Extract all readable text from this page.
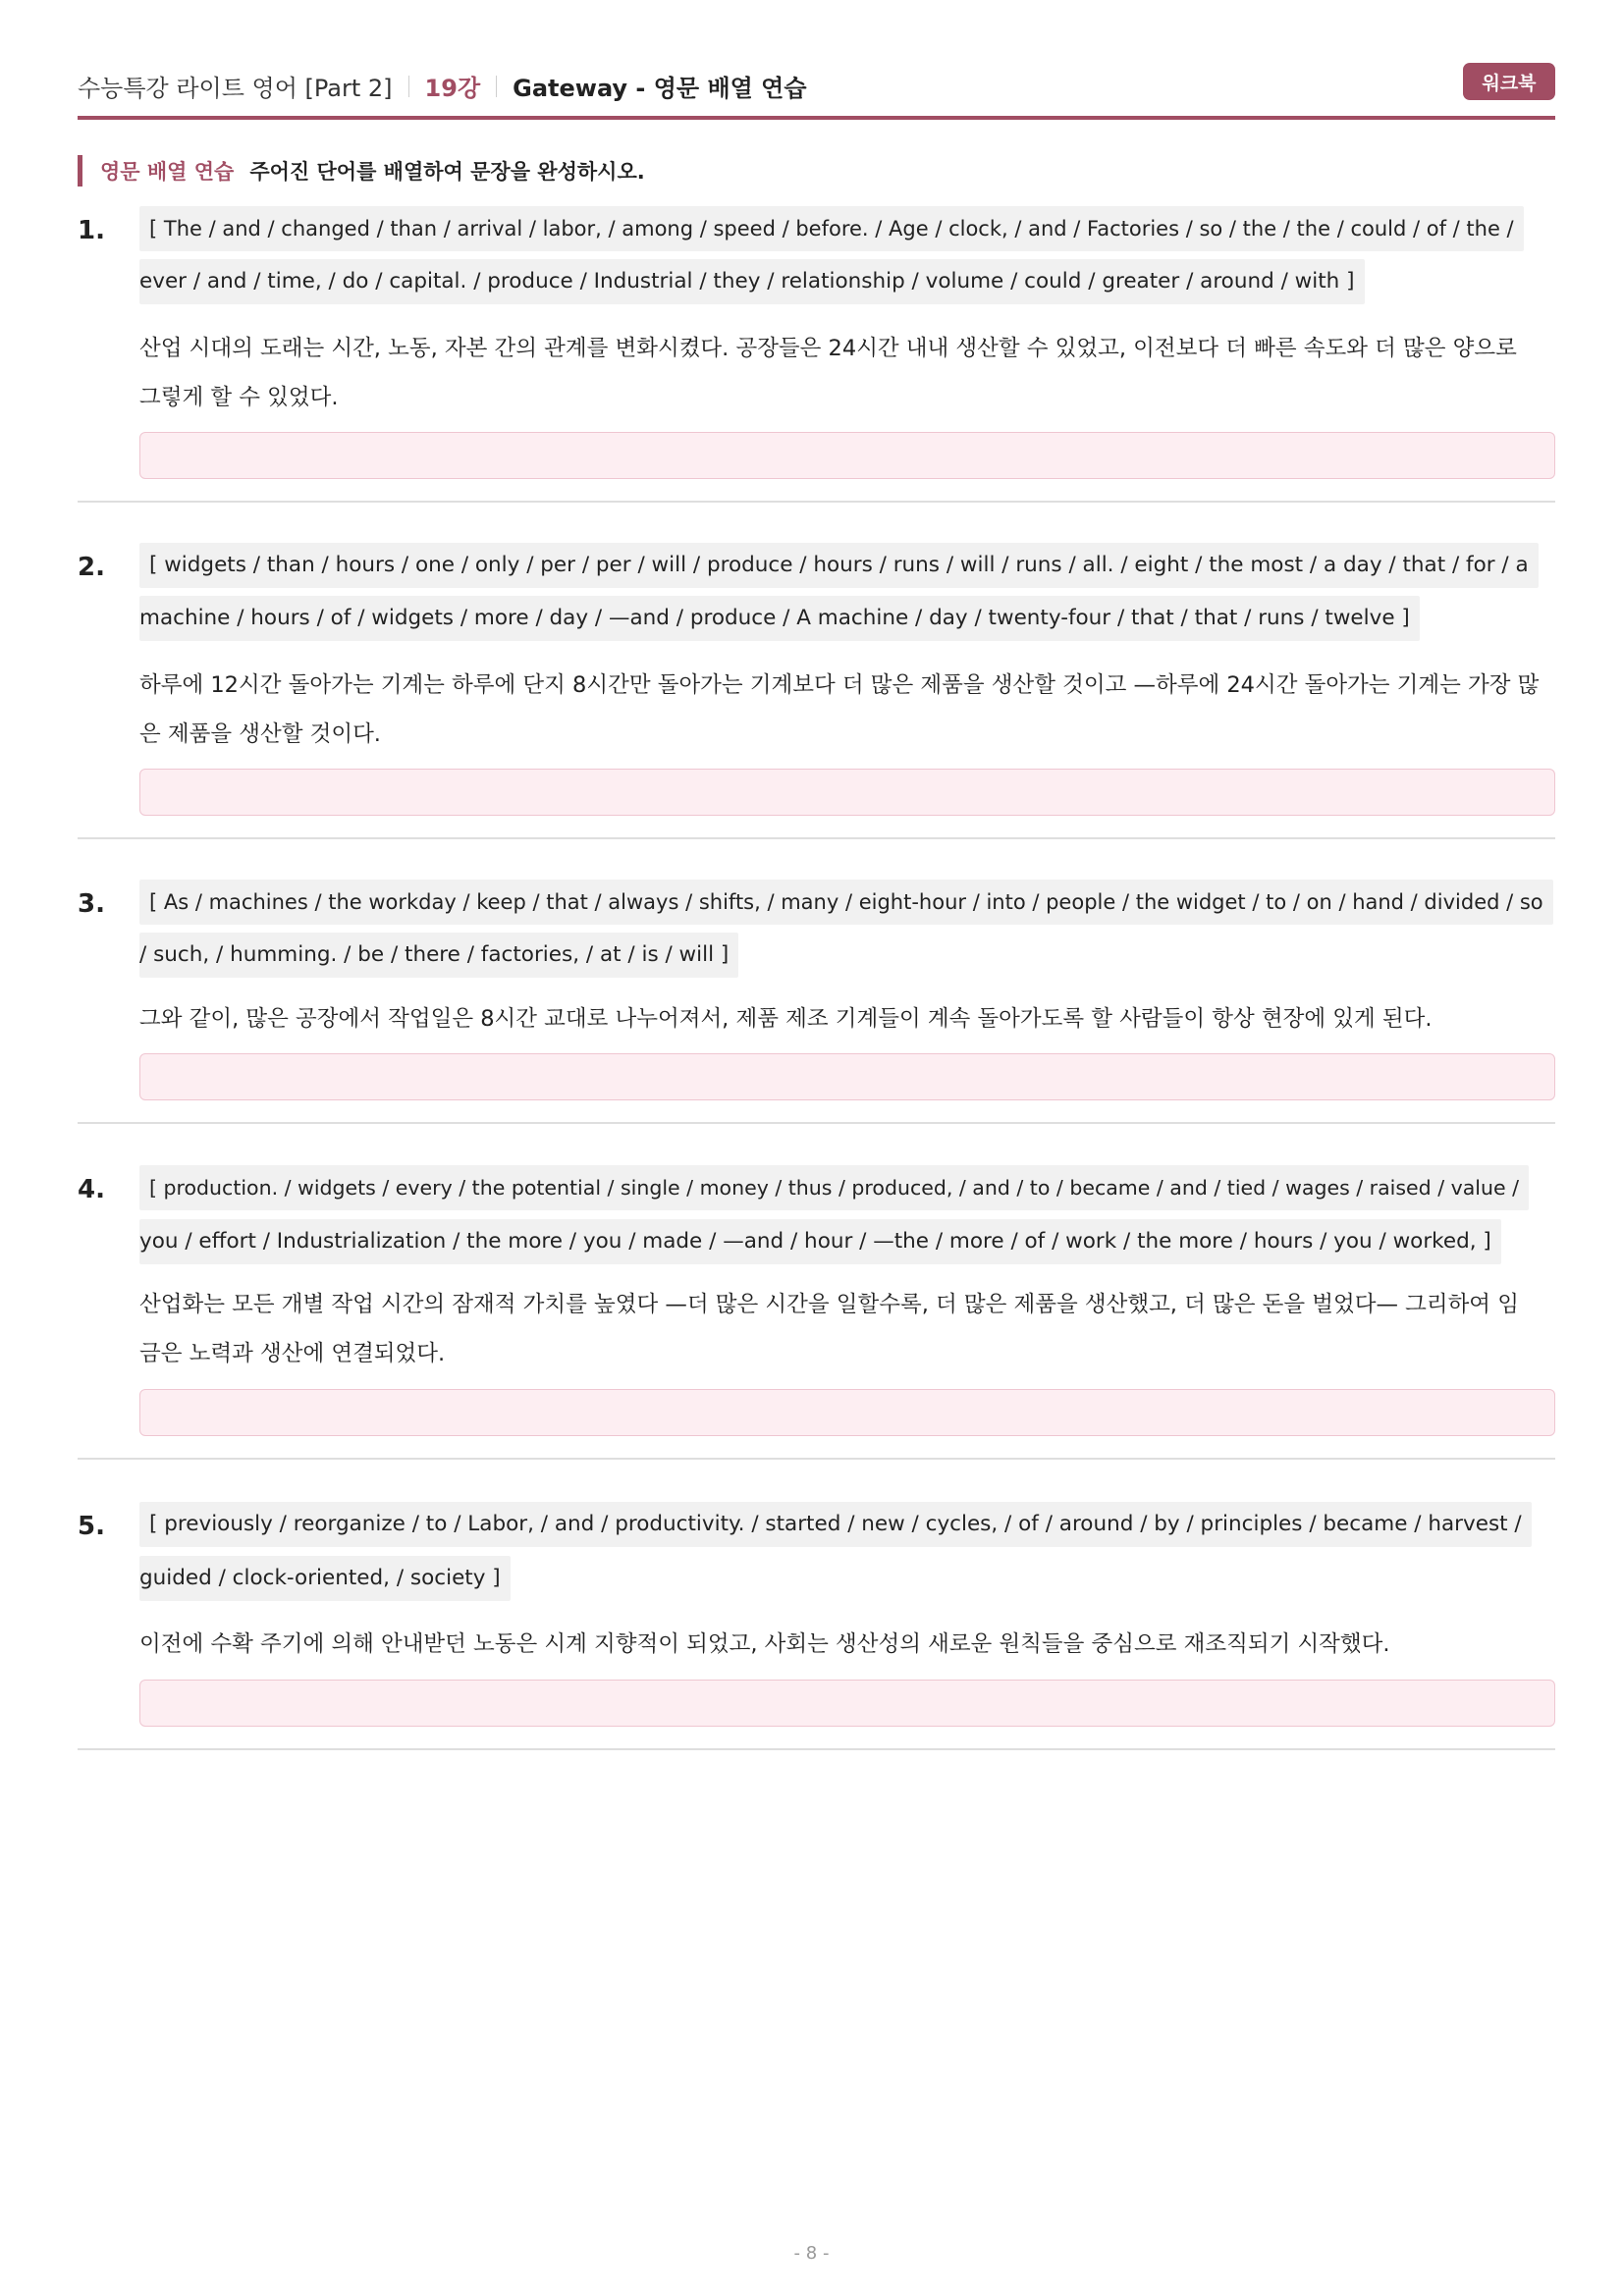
수능특강 라이트 영어 [Part 2] 19강 Gateway - 영문 배열 연습	워크북
영문 배열 연습 주어진 단어를 배열하여 문장을 완성하시오.
1.	[ The / and / changed / than / arrival / labor, / among / speed / before. / Age / clock, / and / Factories / so / the / the / could / of / the /
ever / and / time, / do / capital. / produce / Industrial / they / relationship / volume / could / greater / around / with ]
산업 시대의 도래는 시간, 노동, 자본 간의 관계를 변화시켰다. 공장들은 24시간 내내 생산할 수 있었고, 이전보다 더 빠른 속도와 더 많은 양으로
그렇게 할 수 있었다.
2.	[ widgets / than / hours / one / only / per / per / will / produce / hours / runs / will / runs / all. / eight / the most / a day / that / for / a
machine / hours / of / widgets / more / day / —and / produce / A machine / day / twenty-four / that / that / runs / twelve ]
하루에 12시간 돌아가는 기계는 하루에 단지 8시간만 돌아가는 기계보다 더 많은 제품을 생산할 것이고 —하루에 24시간 돌아가는 기계는 가장 많
은 제품을 생산할 것이다.
3.	[ As / machines / the workday / keep / that / always / shifts, / many / eight-hour / into / people / the widget / to / on / hand / divided / so
/ such, / humming. / be / there / factories, / at / is / will ]
그와 같이, 많은 공장에서 작업일은 8시간 교대로 나누어져서, 제품 제조 기계들이 계속 돌아가도록 할 사람들이 항상 현장에 있게 된다.
4.	[ production. / widgets / every / the potential / single / money / thus / produced, / and / to / became / and / tied / wages / raised / value /
you / effort / Industrialization / the more / you / made / —and / hour / —the / more / of / work / the more / hours / you / worked, ]
산업화는 모든 개별 작업 시간의 잠재적 가치를 높였다 —더 많은 시간을 일할수록, 더 많은 제품을 생산했고, 더 많은 돈을 벌었다— 그리하여 임
금은 노력과 생산에 연결되었다.
5.	[ previously / reorganize / to / Labor, / and / productivity. / started / new / cycles, / of / around / by / principles / became / harvest /
guided / clock-oriented, / society ]
이전에 수확 주기에 의해 안내받던 노동은 시계 지향적이 되었고, 사회는 생산성의 새로운 원칙들을 중심으로 재조직되기 시작했다.
- 8 -
